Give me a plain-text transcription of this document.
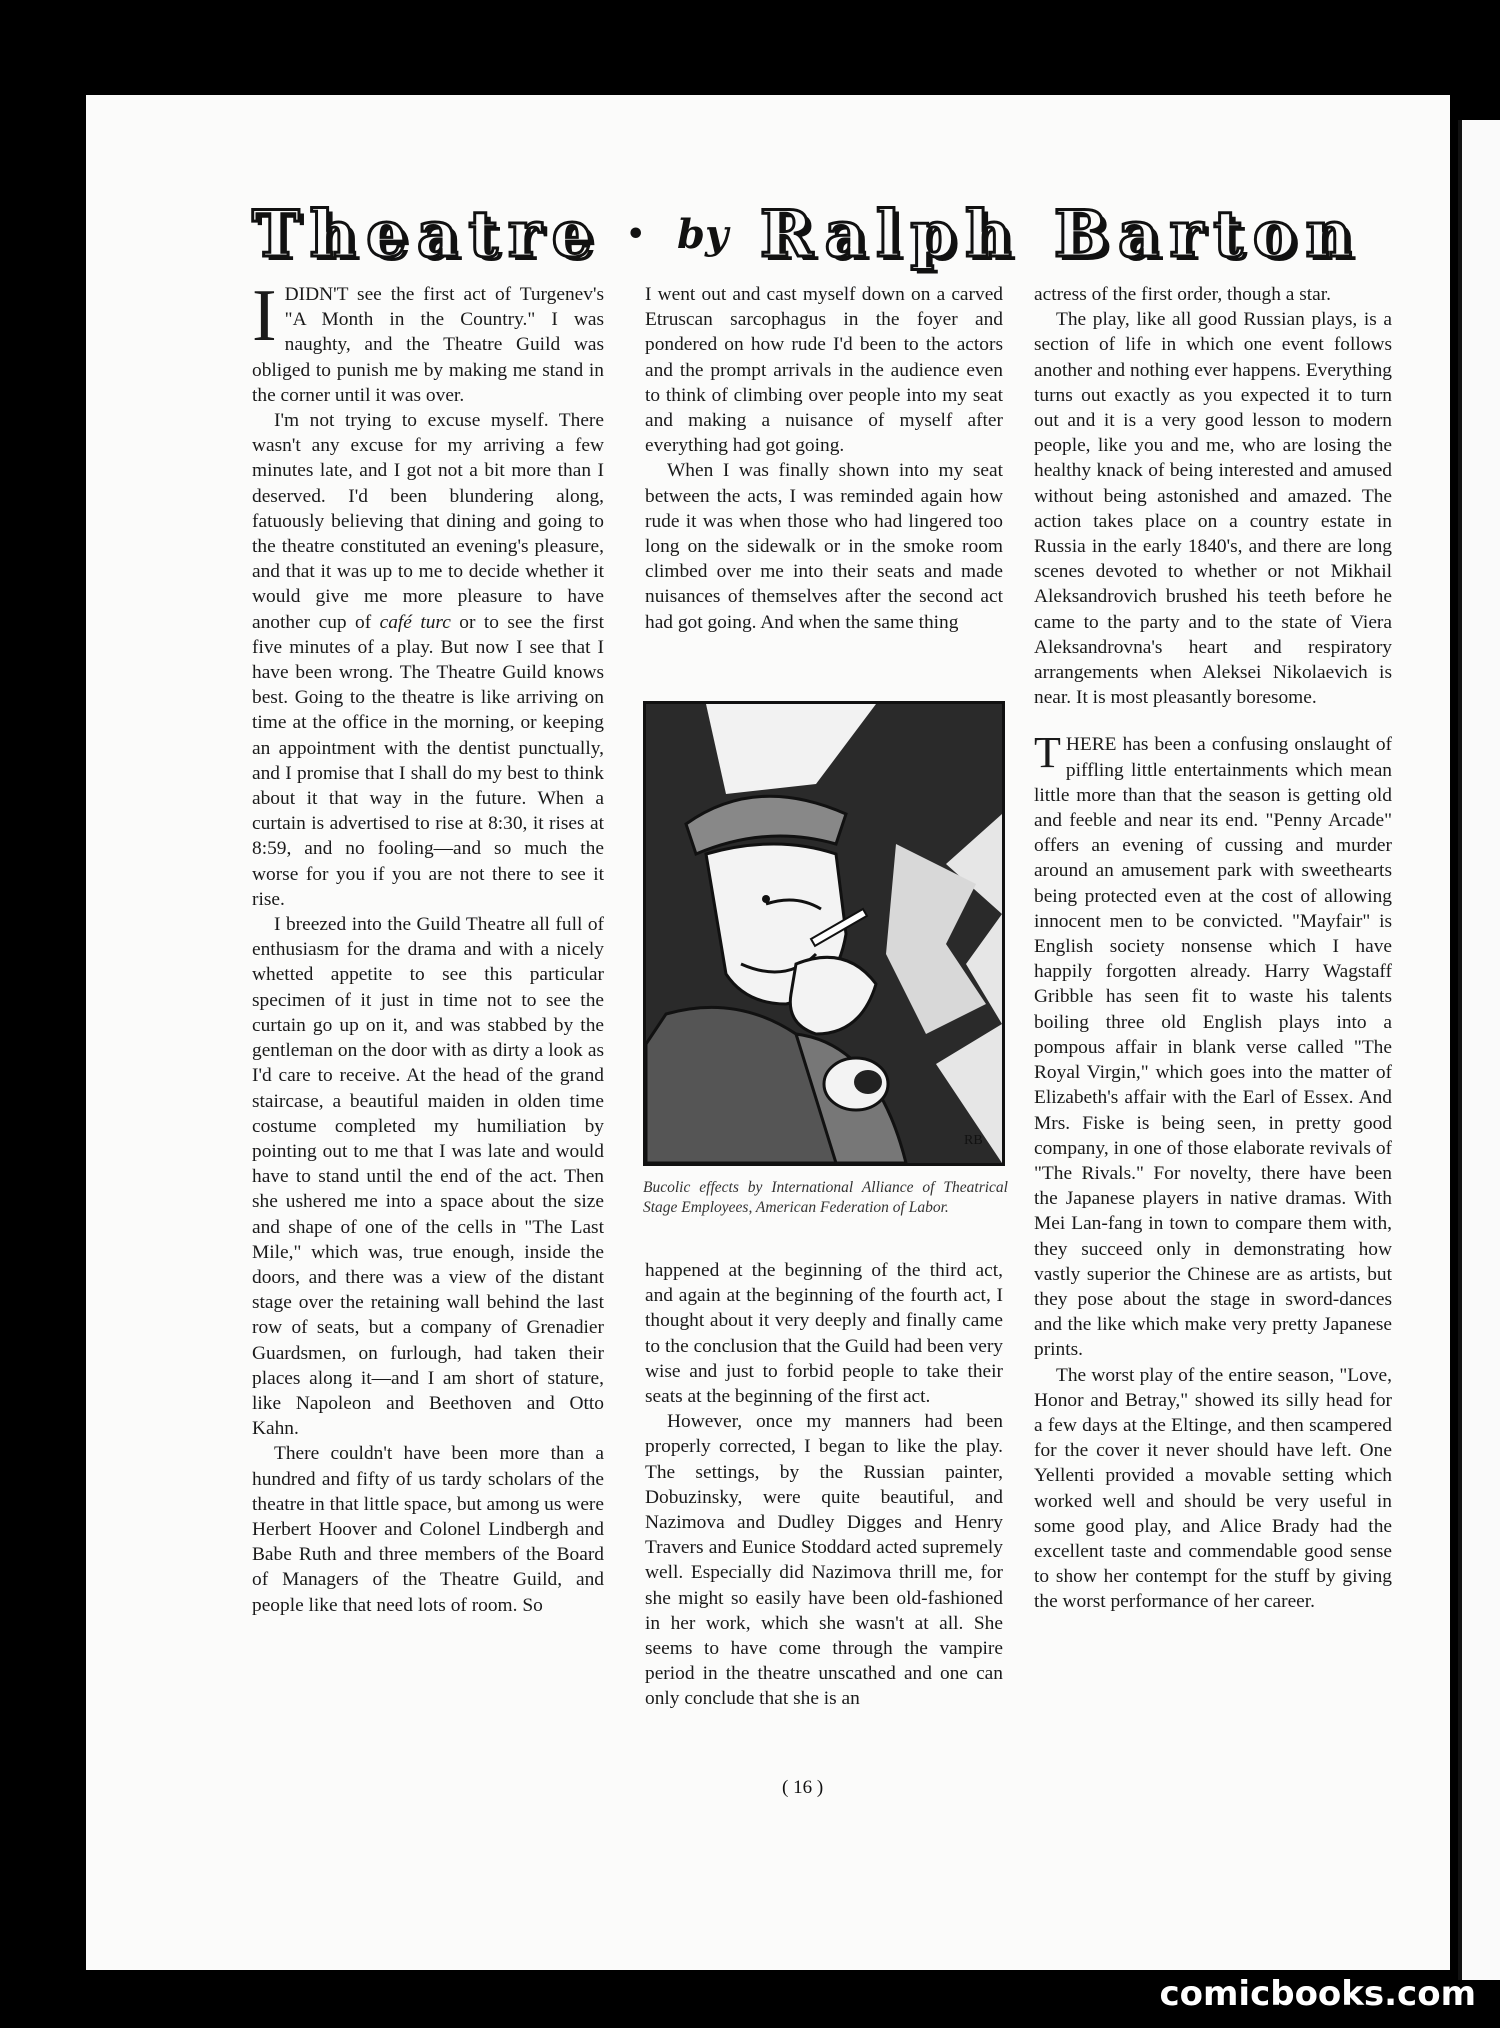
Theatre • by Ralph Barton

IDIDN'T see the first act of Turgenev's "A Month in the Country." I was naughty, and the Theatre Guild was obliged to punish me by making me stand in the corner until it was over.

I'm not trying to excuse myself. There wasn't any excuse for my arriving a few minutes late, and I got not a bit more than I deserved. I'd been blundering along, fatuously believing that dining and going to the theatre constituted an evening's pleasure, and that it was up to me to decide whether it would give me more pleasure to have another cup of café turc or to see the first five minutes of a play. But now I see that I have been wrong. The Theatre Guild knows best. Going to the theatre is like arriving on time at the office in the morning, or keeping an appointment with the dentist punctually, and I promise that I shall do my best to think about it that way in the future. When a curtain is advertised to rise at 8:30, it rises at 8:59, and no fooling—and so much the worse for you if you are not there to see it rise.

I breezed into the Guild Theatre all full of enthusiasm for the drama and with a nicely whetted appetite to see this particular specimen of it just in time not to see the curtain go up on it, and was stabbed by the gentleman on the door with as dirty a look as I'd care to receive. At the head of the grand staircase, a beautiful maiden in olden time costume completed my humiliation by pointing out to me that I was late and would have to stand until the end of the act. Then she ushered me into a space about the size and shape of one of the cells in "The Last Mile," which was, true enough, inside the doors, and there was a view of the distant stage over the retaining wall behind the last row of seats, but a company of Grenadier Guardsmen, on furlough, had taken their places along it—and I am short of stature, like Napoleon and Beethoven and Otto Kahn.

There couldn't have been more than a hundred and fifty of us tardy scholars of the theatre in that little space, but among us were Herbert Hoover and Colonel Lindbergh and Babe Ruth and three members of the Board of Managers of the Theatre Guild, and people like that need lots of room. So

I went out and cast myself down on a carved Etruscan sarcophagus in the foyer and pondered on how rude I'd been to the actors and the prompt arrivals in the audience even to think of climbing over people into my seat and making a nuisance of myself after everything had got going.

When I was finally shown into my seat between the acts, I was reminded again how rude it was when those who had lingered too long on the sidewalk or in the smoke room climbed over me into their seats and made nuisances of themselves after the second act had got going. And when the same thing

RB
Bucolic effects by International Alliance of Theatrical Stage Employees, American Federation of Labor.

happened at the beginning of the third act, and again at the beginning of the fourth act, I thought about it very deeply and finally came to the conclusion that the Guild had been very wise and just to forbid people to take their seats at the beginning of the first act.

However, once my manners had been properly corrected, I began to like the play. The settings, by the Russian painter, Dobuzinsky, were quite beautiful, and Nazimova and Dudley Digges and Henry Travers and Eunice Stoddard acted supremely well. Especially did Nazimova thrill me, for she might so easily have been old-fashioned in her work, which she wasn't at all. She seems to have come through the vampire period in the theatre unscathed and one can only conclude that she is an

actress of the first order, though a star.

The play, like all good Russian plays, is a section of life in which one event follows another and nothing ever happens. Everything turns out exactly as you expected it to turn out and it is a very good lesson to modern people, like you and me, who are losing the healthy knack of being interested and amused without being astonished and amazed. The action takes place on a country estate in Russia in the early 1840's, and there are long scenes devoted to whether or not Mikhail Aleksandrovich brushed his teeth before he came to the party and to the state of Viera Aleksandrovna's heart and respiratory arrangements when Aleksei Nikolaevich is near. It is most pleasantly boresome.

THERE has been a confusing onslaught of piffling little entertainments which mean little more than that the season is getting old and feeble and near its end. "Penny Arcade" offers an evening of cussing and murder around an amusement park with sweethearts being protected even at the cost of allowing innocent men to be convicted. "Mayfair" is English society nonsense which I have happily forgotten already. Harry Wagstaff Gribble has seen fit to waste his talents boiling three old English plays into a pompous affair in blank verse called "The Royal Virgin," which goes into the matter of Elizabeth's affair with the Earl of Essex. And Mrs. Fiske is being seen, in pretty good company, in one of those elaborate revivals of "The Rivals." For novelty, there have been the Japanese players in native dramas. With Mei Lan-fang in town to compare them with, they succeed only in demonstrating how vastly superior the Chinese are as artists, but they pose about the stage in sword-dances and the like which make very pretty Japanese prints.

The worst play of the entire season, "Love, Honor and Betray," showed its silly head for a few days at the Eltinge, and then scampered for the cover it never should have left. One Yellenti provided a movable setting which worked well and should be very useful in some good play, and Alice Brady had the excellent taste and commendable good sense to show her contempt for the stuff by giving the worst performance of her career.

( 16 )
comicbooks.com
